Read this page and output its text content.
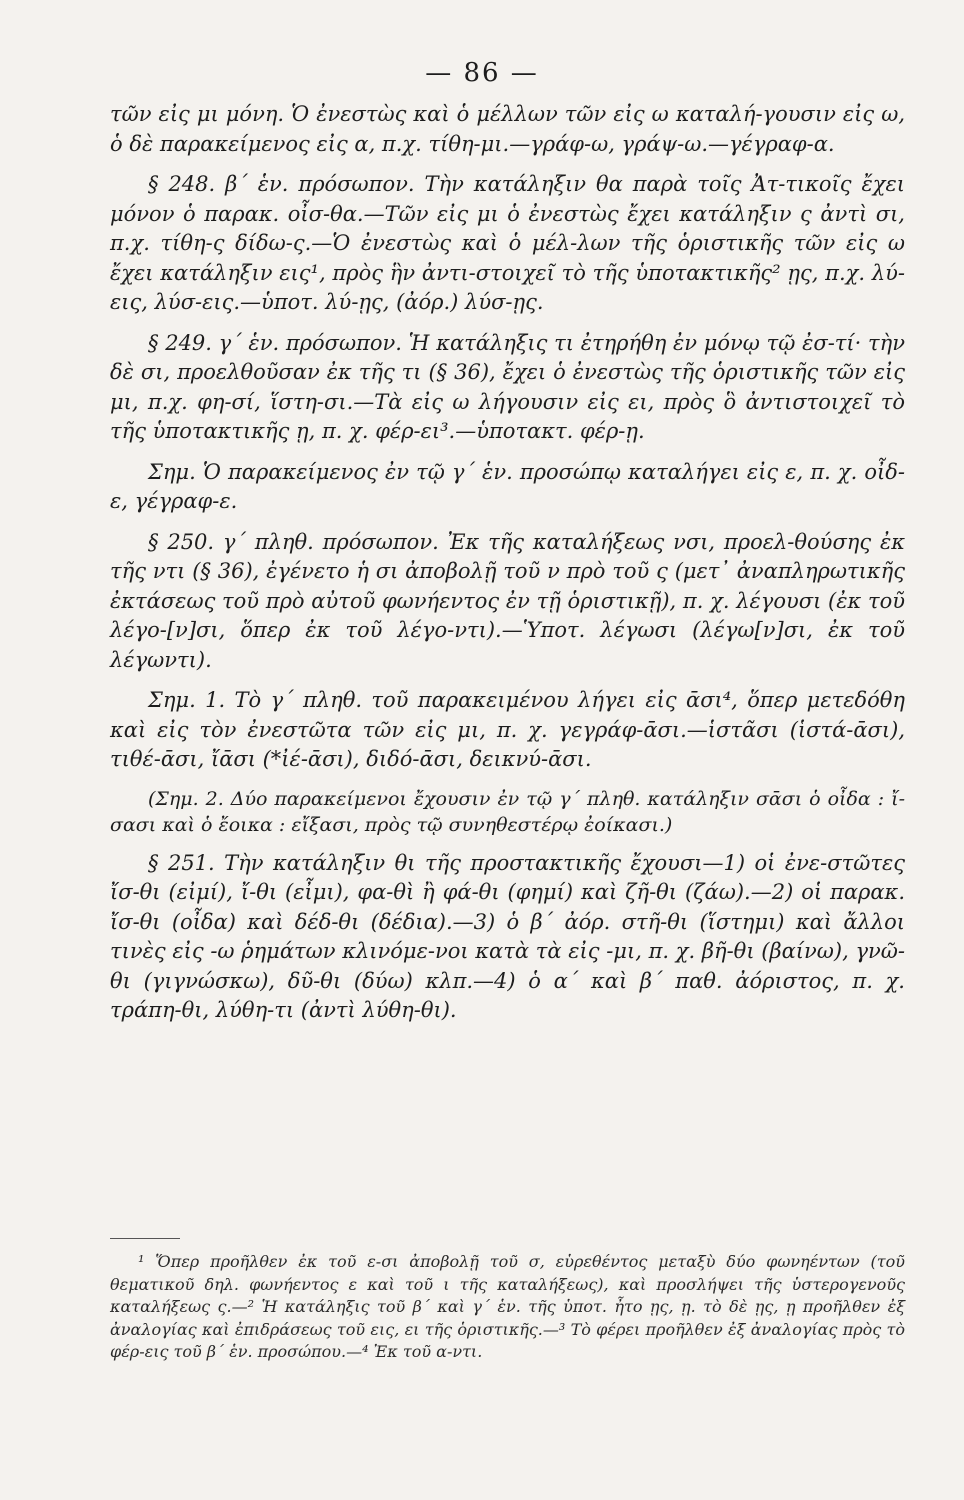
— 86 —

τῶν εἰς μι μόνη. Ὁ ἐνεστὼς καὶ ὁ μέλλων τῶν εἰς ω καταλή-γουσιν εἰς ω, ὁ δὲ παρακείμενος εἰς α, π.χ. τίθη-μι.—γράφ-ω, γράψ-ω.—γέγραφ-α.

§ 248. β΄ ἑν. πρόσωπον. Τὴν κατάληξιν θα παρὰ τοῖς Ἀτ-τικοῖς ἔχει μόνον ὁ παρακ. οἶσ-θα.—Τῶν εἰς μι ὁ ἐνεστὼς ἔχει κατάληξιν ς ἀντὶ σι, π.χ. τίθη-ς δίδω-ς.—Ὁ ἐνεστὼς καὶ ὁ μέλ-λων τῆς ὁριστικῆς τῶν εἰς ω ἔχει κατάληξιν εις¹, πρὸς ἣν ἀντι-στοιχεῖ τὸ τῆς ὑποτακτικῆς² ῃς, π.χ. λύ-εις, λύσ-εις.—ὑποτ. λύ-ῃς, (ἀόρ.) λύσ-ῃς.

§ 249. γ΄ ἑν. πρόσωπον. Ἡ κατάληξις τι ἐτηρήθη ἐν μόνῳ τῷ ἐσ-τί· τὴν δὲ σι, προελθοῦσαν ἐκ τῆς τι (§ 36), ἔχει ὁ ἐνεστὼς τῆς ὁριστικῆς τῶν εἰς μι, π.χ. φη-σί, ἵστη-σι.—Τὰ εἰς ω λήγουσιν εἰς ει, πρὸς ὃ ἀντιστοιχεῖ τὸ τῆς ὑποτακτικῆς ῃ, π. χ. φέρ-ει³.—ὑποτακτ. φέρ-ῃ.

Σημ. Ὁ παρακείμενος ἐν τῷ γ΄ ἑν. προσώπῳ καταλήγει εἰς ε, π. χ. οἶδ-ε, γέγραφ-ε.

§ 250. γ΄ πληθ. πρόσωπον. Ἐκ τῆς καταλήξεως νσι, προελ-θούσης ἐκ τῆς ντι (§ 36), ἐγένετο ἡ σι ἀποβολῇ τοῦ ν πρὸ τοῦ ς (μετ᾽ ἀναπληρωτικῆς ἐκτάσεως τοῦ πρὸ αὐτοῦ φωνήεντος ἐν τῇ ὁριστικῇ), π. χ. λέγουσι (ἐκ τοῦ λέγο-[ν]σι, ὅπερ ἐκ τοῦ λέγο-ντι).—Ὑποτ. λέγωσι (λέγω[ν]σι, ἐκ τοῦ λέγωντι).

Σημ. 1. Τὸ γ΄ πληθ. τοῦ παρακειμένου λήγει εἰς ᾱσι⁴, ὅπερ μετεδόθη καὶ εἰς τὸν ἐνεστῶτα τῶν εἰς μι, π. χ. γεγράφ-ᾱσι.—ἱστᾶσι (ἱστά-ᾱσι), τιθέ-ᾱσι, ἴᾱσι (*ἰέ-ᾱσι), διδό-ᾱσι, δεικνύ-ᾱσι.

(Σημ. 2. Δύο παρακείμενοι ἔχουσιν ἐν τῷ γ΄ πληθ. κατάληξιν σᾱσι ὁ οἶδα : ἴ-σασι καὶ ὁ ἔοικα : εἴξασι, πρὸς τῷ συνηθεστέρῳ ἐοίκασι.)

§ 251. Τὴν κατάληξιν θι τῆς προστακτικῆς ἔχουσι—1) οἱ ἐνε-στῶτες ἴσ-θι (εἰμί), ἴ-θι (εἶμι), φα-θὶ ἢ φά-θι (φημί) καὶ ζῆ-θι (ζάω).—2) οἱ παρακ. ἴσ-θι (οἶδα) καὶ δέδ-θι (δέδια).—3) ὁ β΄ ἀόρ. στῆ-θι (ἵστημι) καὶ ἄλλοι τινὲς εἰς -ω ῥημάτων κλινόμε-νοι κατὰ τὰ εἰς -μι, π. χ. βῆ-θι (βαίνω), γνῶ-θι (γιγνώσκω), δῦ-θι (δύω) κλπ.—4) ὁ α΄ καὶ β΄ παθ. ἀόριστος, π. χ. τράπη-θι, λύθη-τι (ἀντὶ λύθη-θι).

¹ Ὅπερ προῆλθεν ἐκ τοῦ ε-σι ἀποβολῇ τοῦ σ, εὑρεθέντος μεταξὺ δύο φωνηέντων (τοῦ θεματικοῦ δηλ. φωνήεντος ε καὶ τοῦ ι τῆς καταλήξεως), καὶ προσλήψει τῆς ὑστερογενοῦς καταλήξεως ς.—² Ἡ κατάληξις τοῦ β΄ καὶ γ΄ ἑν. τῆς ὑποτ. ἦτο ῃς, ῃ. τὸ δὲ ῃς, ῃ προῆλθεν ἐξ ἀναλογίας καὶ ἐπιδράσεως τοῦ εις, ει τῆς ὁριστικῆς.—³ Τὸ φέρει προῆλθεν ἐξ ἀναλογίας πρὸς τὸ φέρ-εις τοῦ β΄ ἑν. προσώπου.—⁴ Ἐκ τοῦ α-ντι.
